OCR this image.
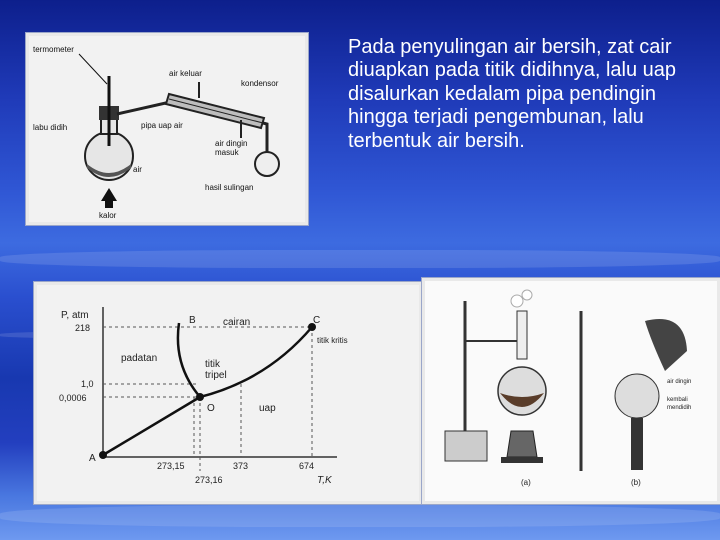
termometer
air keluar
kondensor
labu didih	pipa uap air
air dingin
masuk
air
hasil sulingan
kalor

Pada penyulingan air bersih, zat cair diuapkan pada titik didihnya, lalu uap disalurkan kedalam pipa pendingin hingga terjadi pengembunan, lalu terbentuk air bersih.

P, atm
218
1,0
0,0006
273,15	373	674
273,16	T,K
A
B	C
O
padatan
cairan
uap
titik
tripel
titik kritis
(a)	(b)
air dingin
kembali
mendidih
